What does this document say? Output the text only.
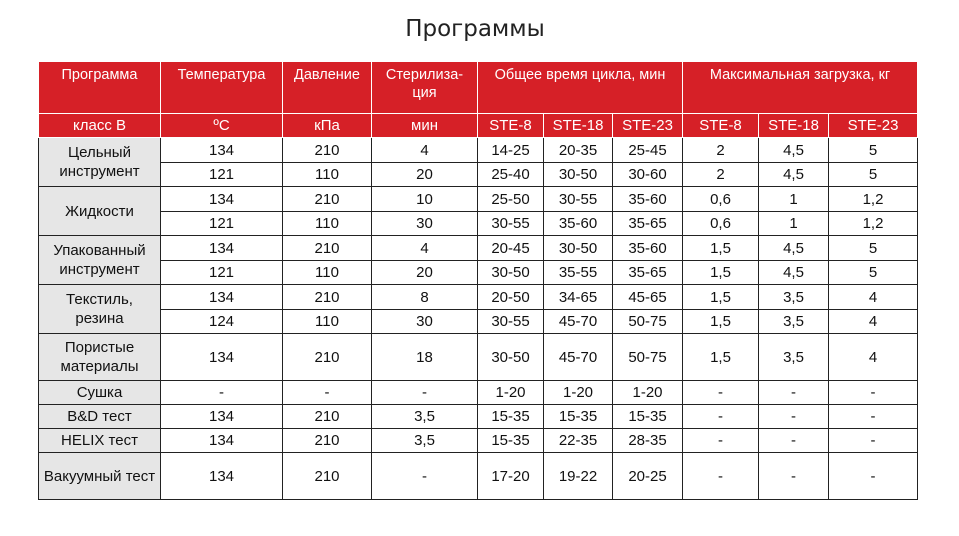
Программы
Программа	Температура	Давление	Стерилиза-ция	Общее время цикла, мин			Максимальная загрузка, кг		
класс В	ºС	кПа	мин	STE-8	STE-18	STE-23	STE-8	STE-18	STE-23
Цельный инструмент	134	210	4	14-25	20-35	25-45	2	4,5	5
	121	110	20	25-40	30-50	30-60	2	4,5	5
Жидкости	134	210	10	25-50	30-55	35-60	0,6	1	1,2
	121	110	30	30-55	35-60	35-65	0,6	1	1,2
Упакованный инструмент	134	210	4	20-45	30-50	35-60	1,5	4,5	5
	121	110	20	30-50	35-55	35-65	1,5	4,5	5
Текстиль, резина	134	210	8	20-50	34-65	45-65	1,5	3,5	4
	124	110	30	30-55	45-70	50-75	1,5	3,5	4
Пористые материалы	134	210	18	30-50	45-70	50-75	1,5	3,5	4
Сушка	-	-	-	1-20	1-20	1-20	-	-	-
B&D тест	134	210	3,5	15-35	15-35	15-35	-	-	-
HELIX тест	134	210	3,5	15-35	22-35	28-35	-	-	-
Вакуумный тест	134	210	-	17-20	19-22	20-25	-	-	-
